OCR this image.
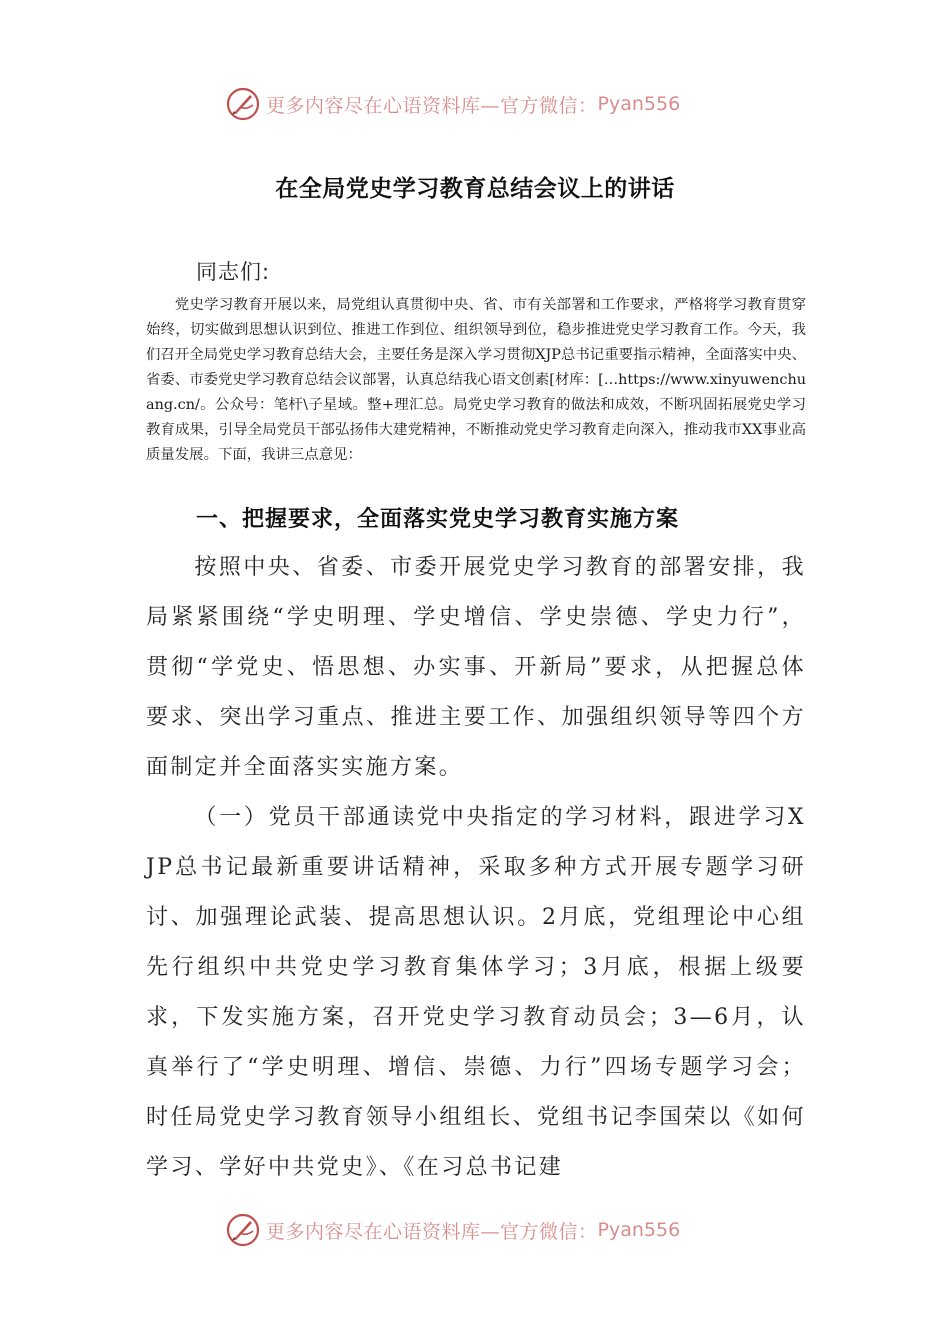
更多内容尽在心语资料库—官方微信： Pyan556
在全局党史学习教育总结会议上的讲话
同志们:

党史学习教育开展以来，局党组认真贯彻中央、省、市有关部署和工作要求，严格将学习教育贯穿始终，切实做到思想认识到位、推进工作到位、组织领导到位，稳步推进党史学习教育工作。今天，我们召开全局党史学习教育总结大会，主要任务是深入学习贯彻XJP总书记重要指示精神，全面落实中央、省委、市委党史学习教育总结会议部署，认真总结我心语文创素[材库：[…https://www.xinyuwenchuang.cn/。公众号：笔杆\子星域。整+理汇总。局党史学习教育的做法和成效，不断巩固拓展党史学习教育成果，引导全局党员干部弘扬伟大建党精神，不断推动党史学习教育走向深入，推动我市XX事业高质量发展。下面，我讲三点意见：

一、把握要求，全面落实党史学习教育实施方案

按照中央、省委、市委开展党史学习教育的部署安排，我局紧紧围绕“学史明理、学史增信、学史崇德、学史力行”，贯彻“学党史、悟思想、办实事、开新局”要求，从把握总体要求、突出学习重点、推进主要工作、加强组织领导等四个方面制定并全面落实实施方案。

（一）党员干部通读党中央指定的学习材料，跟进学习XJP总书记最新重要讲话精神，采取多种方式开展专题学习研讨、加强理论武装、提高思想认识。2月底，党组理论中心组先行组织中共党史学习教育集体学习；3月底，根据上级要求，下发实施方案，召开党史学习教育动员会；3—6月，认真举行了“学史明理、增信、崇德、力行”四场专题学习会；时任局党史学习教育领导小组组长、党组书记李国荣以《如何学习、学好中共党史》、《在习总书记建

更多内容尽在心语资料库—官方微信： Pyan556
